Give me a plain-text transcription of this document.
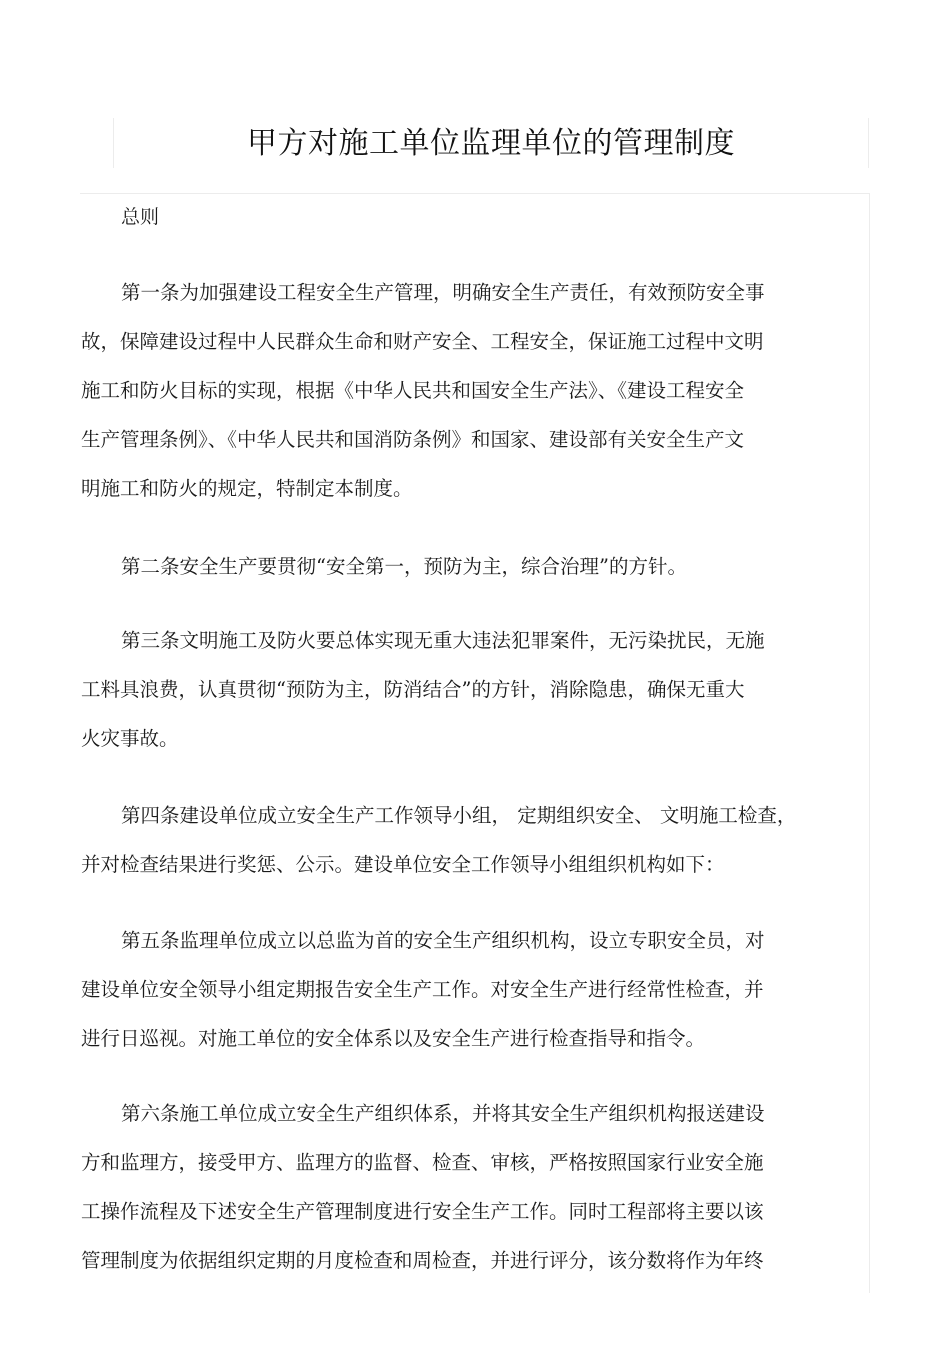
甲方对施工单位监理单位的管理制度
总则

第一条为加强建设工程安全生产管理，明确安全生产责任，有效预防安全事
故，保障建设过程中人民群众生命和财产安全、工程安全，保证施工过程中文明
施工和防火目标的实现，根据《中华人民共和国安全生产法》、《建设工程安全
生产管理条例》、《中华人民共和国消防条例》和国家、建设部有关安全生产文
明施工和防火的规定，特制定本制度。

第二条安全生产要贯彻“安全第一，预防为主，综合治理”的方针。

第三条文明施工及防火要总体实现无重大违法犯罪案件，无污染扰民，无施
工料具浪费，认真贯彻“预防为主，防消结合”的方针，消除隐患，确保无重大
火灾事故。

第四条建设单位成立安全生产工作领导小组， 定期组织安全、 文明施工检查，
并对检查结果进行奖惩、公示。建设单位安全工作领导小组组织机构如下：

第五条监理单位成立以总监为首的安全生产组织机构，设立专职安全员，对
建设单位安全领导小组定期报告安全生产工作。对安全生产进行经常性检查，并
进行日巡视。对施工单位的安全体系以及安全生产进行检查指导和指令。

第六条施工单位成立安全生产组织体系，并将其安全生产组织机构报送建设
方和监理方，接受甲方、监理方的监督、检查、审核，严格按照国家行业安全施
工操作流程及下述安全生产管理制度进行安全生产工作。同时工程部将主要以该
管理制度为依据组织定期的月度检查和周检查，并进行评分，该分数将作为年终
